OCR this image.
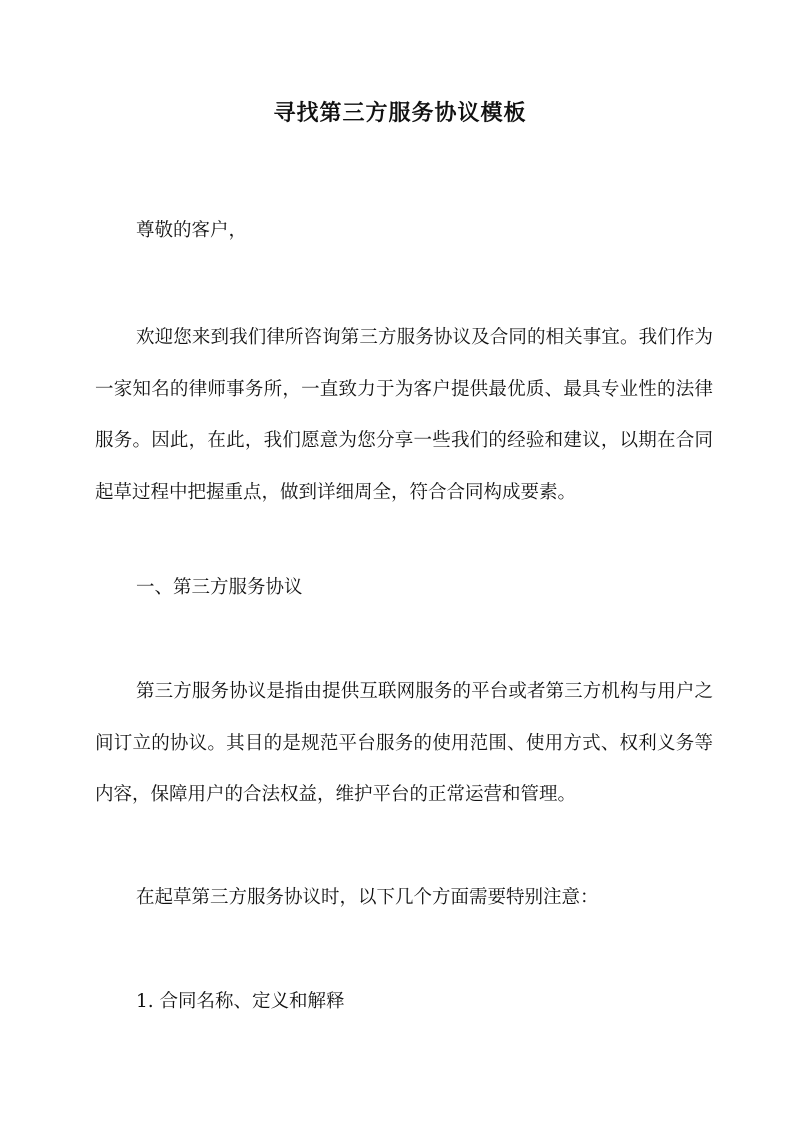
寻找第三方服务协议模板

尊敬的客户，

欢迎您来到我们律所咨询第三方服务协议及合同的相关事宜。我们作为一家知名的律师事务所，一直致力于为客户提供最优质、最具专业性的法律服务。因此，在此，我们愿意为您分享一些我们的经验和建议，以期在合同起草过程中把握重点，做到详细周全，符合合同构成要素。

一、第三方服务协议

第三方服务协议是指由提供互联网服务的平台或者第三方机构与用户之间订立的协议。其目的是规范平台服务的使用范围、使用方式、权利义务等内容，保障用户的合法权益，维护平台的正常运营和管理。

在起草第三方服务协议时，以下几个方面需要特别注意：

1. 合同名称、定义和解释
